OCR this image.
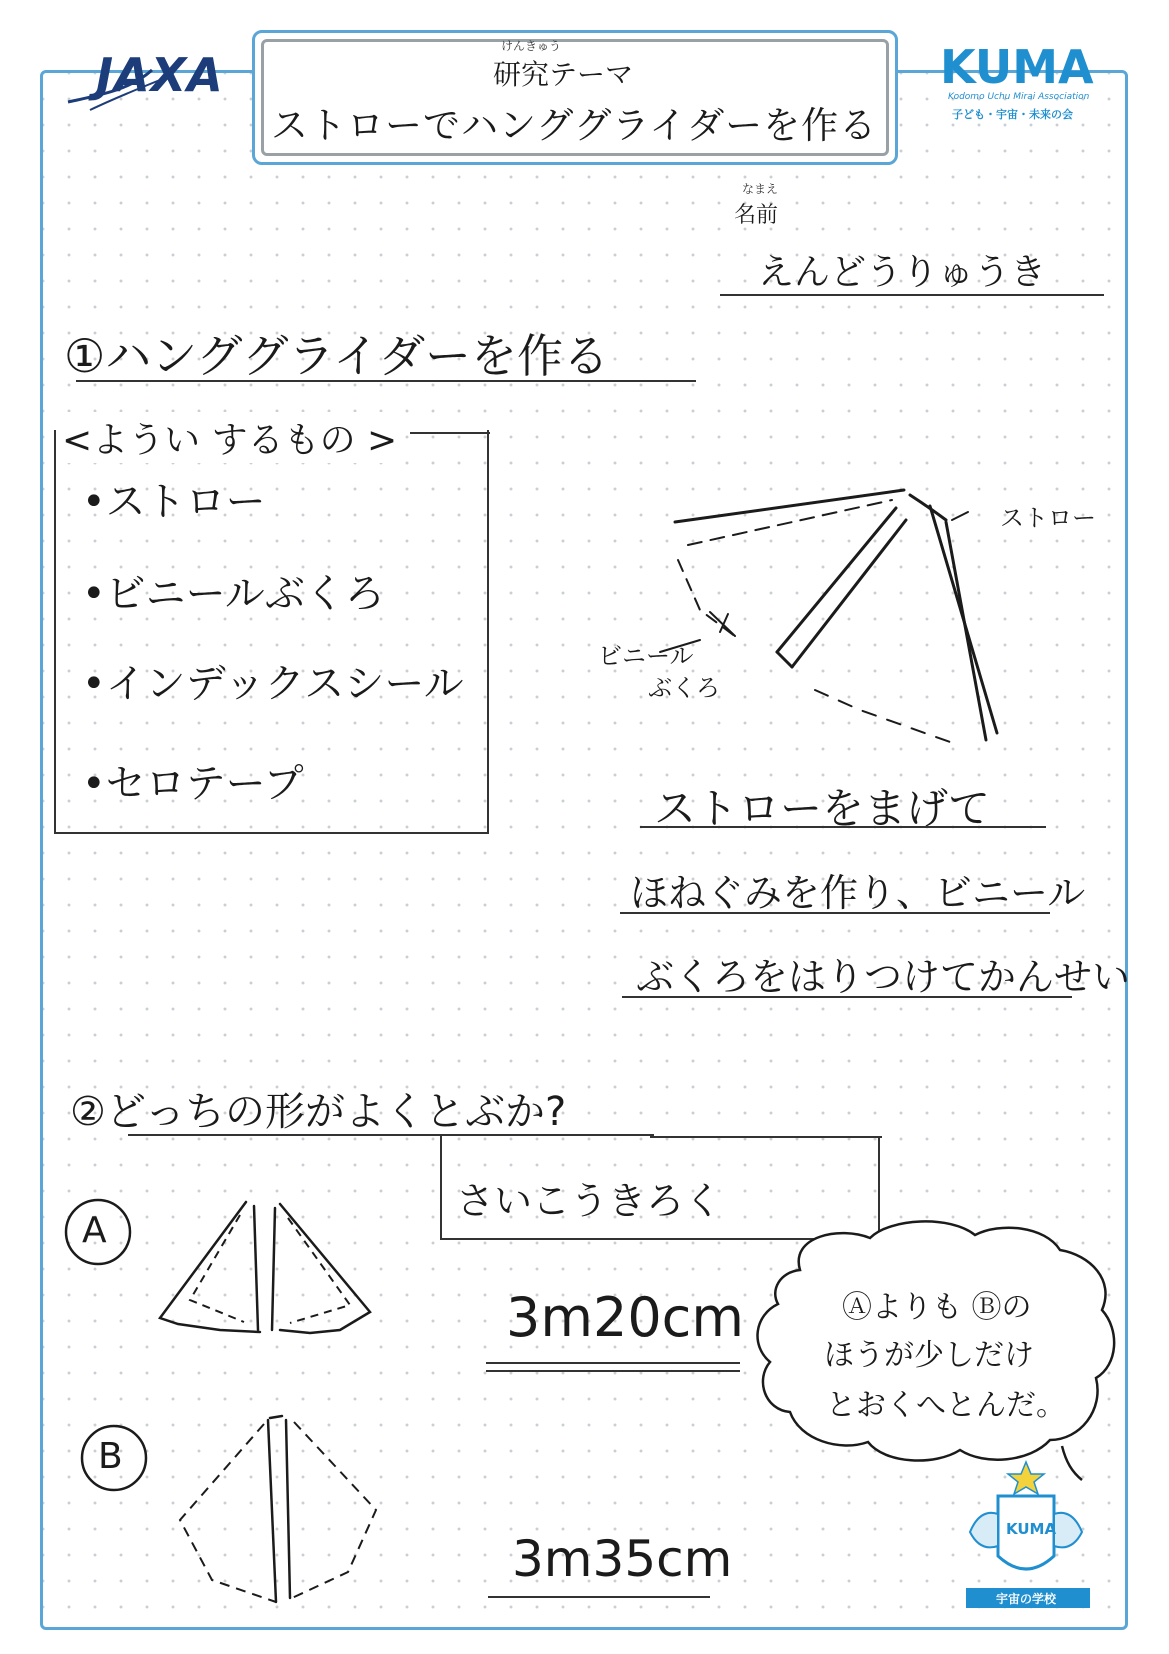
JAXA
けんきゅう
研究テーマ
ストローでハンググライダーを作る
KUMA
Kodomo Uchu Mirai Association
子ども・宇宙・未来の会
なまえ
名前
えんどうりゅうき
①ハンググライダーを作る
<ようい するもの >
•ストロー
•ビニールぶくろ
•インデックスシール
•セロテープ
ストロー
ビニール
ぶくろ
ストローをまげて
ほねぐみを作り、ビニール
ぶくろをはりつけてかんせい
②どっちの形がよくとぶか?
さいこうきろく
A
B
3m20cm
3m35cm
Ⓐよりも Ⓑの
ほうが少しだけ
とおくへとんだ。
KUMA
宇宙の学校
